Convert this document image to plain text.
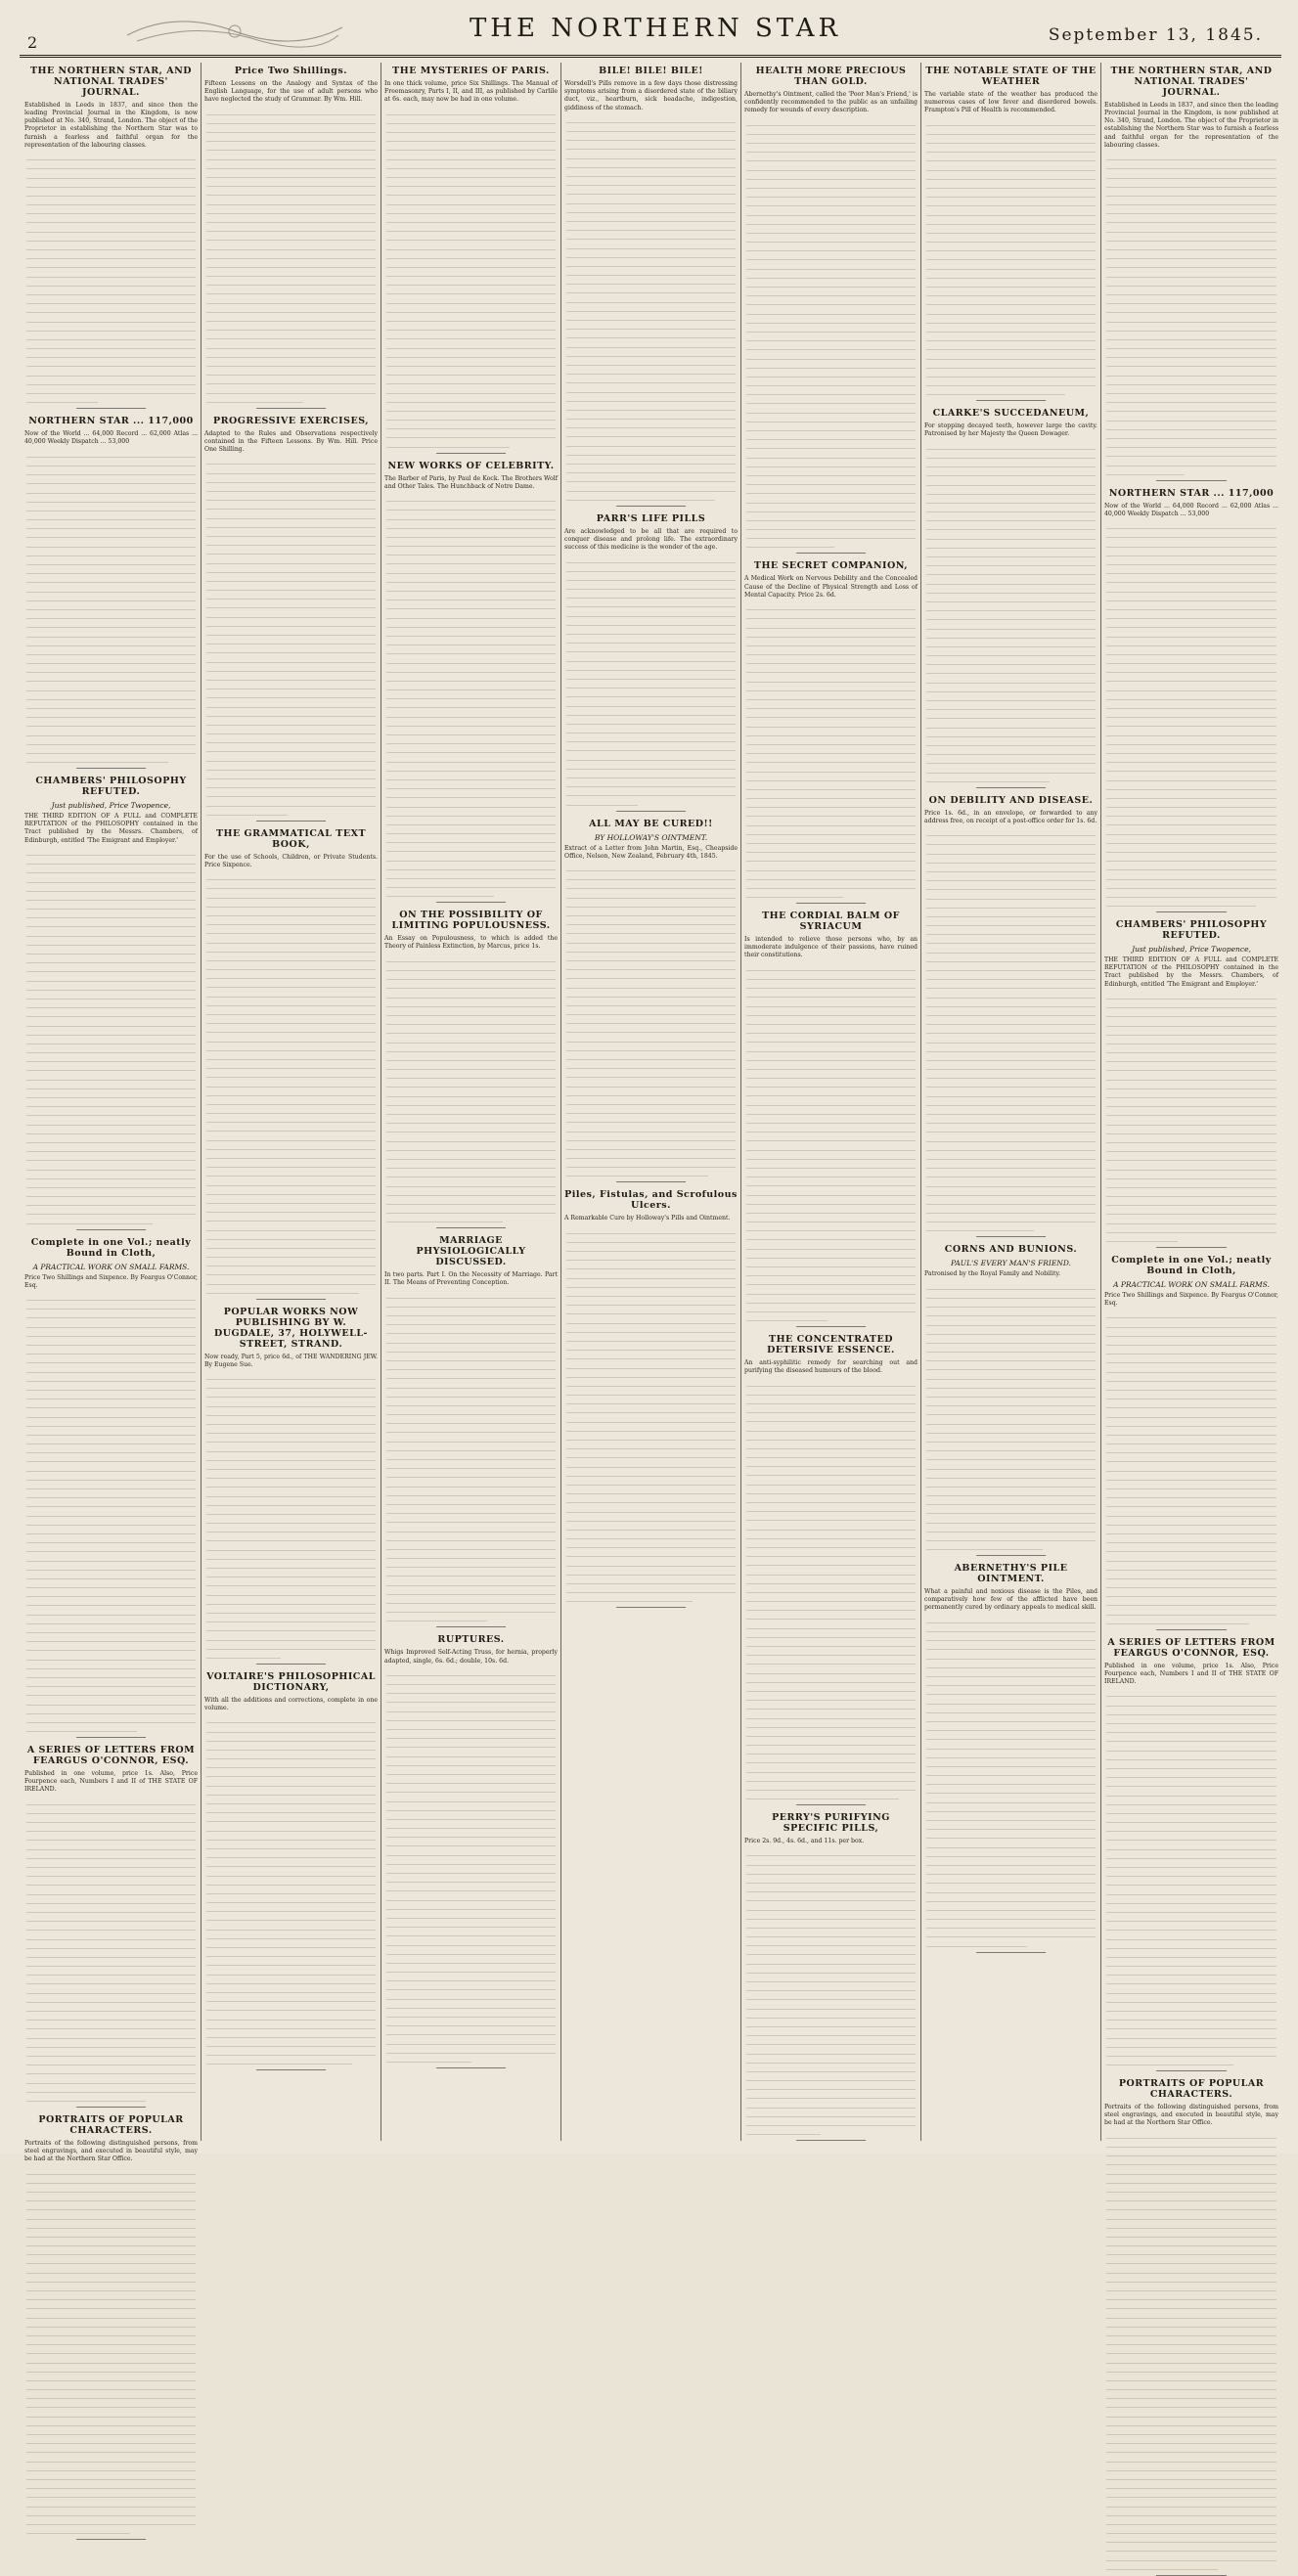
2	THE NORTHERN STAR	September 13, 1845.
THE NORTHERN STAR, AND NATIONAL TRADES' JOURNAL.
Established in Leeds in 1837, and since then the leading Provincial Journal in the Kingdom, is now published at No. 340, Strand, London. The object of the Proprietor in establishing the Northern Star was to furnish a fearless and faithful organ for the representation of the labouring classes.
NORTHERN STAR ... 117,000
Now of the World ... 64,000 Record ... 62,000 Atlas ... 40,000 Weekly Dispatch ... 53,000
CHAMBERS' PHILOSOPHY REFUTED.
Just published, Price Twopence,
THE THIRD EDITION OF A FULL and COMPLETE REFUTATION of the PHILOSOPHY contained in the Tract published by the Messrs. Chambers, of Edinburgh, entitled 'The Emigrant and Employer.'
Complete in one Vol.; neatly Bound in Cloth,
A PRACTICAL WORK ON SMALL FARMS.
Price Two Shillings and Sixpence. By Feargus O'Connor, Esq.
A SERIES OF LETTERS FROM FEARGUS O'CONNOR, ESQ.
Published in one volume, price 1s. Also, Price Fourpence each, Numbers I and II of THE STATE OF IRELAND.
PORTRAITS OF POPULAR CHARACTERS.
Portraits of the following distinguished persons, from steel engravings, and executed in beautiful style, may be had at the Northern Star Office.
Price Two Shillings.
Fifteen Lessons on the Analogy and Syntax of the English Language, for the use of adult persons who have neglected the study of Grammar. By Wm. Hill.
PROGRESSIVE EXERCISES,
Adapted to the Rules and Observations respectively contained in the Fifteen Lessons. By Wm. Hill. Price One Shilling.
THE GRAMMATICAL TEXT BOOK,
For the use of Schools, Children, or Private Students. Price Sixpence.
POPULAR WORKS NOW PUBLISHING BY W. DUGDALE, 37, HOLYWELL-STREET, STRAND.
Now ready, Part 5, price 6d., of THE WANDERING JEW. By Eugene Sue.
VOLTAIRE'S PHILOSOPHICAL DICTIONARY,
With all the additions and corrections, complete in one volume.
THE MYSTERIES OF PARIS.
In one thick volume, price Six Shillings. The Manual of Freemasonry, Parts I, II, and III, as published by Carlile at 6s. each, may now be had in one volume.
NEW WORKS OF CELEBRITY.
The Barber of Paris, by Paul de Kock. The Brothers Wolf and Other Tales. The Hunchback of Notre Dame.
ON THE POSSIBILITY OF LIMITING POPULOUSNESS.
An Essay on Populousness, to which is added the Theory of Painless Extinction, by Marcus, price 1s.
MARRIAGE PHYSIOLOGICALLY DISCUSSED.
In two parts. Part I. On the Necessity of Marriage. Part II. The Means of Preventing Conception.
RUPTURES.
Whigs Improved Self-Acting Truss, for hernia, properly adapted, single, 6s. 6d.; double, 10s. 6d.
BILE! BILE! BILE!
Worsdell's Pills remove in a few days those distressing symptoms arising from a disordered state of the biliary duct, viz., heartburn, sick headache, indigestion, giddiness of the stomach.
PARR'S LIFE PILLS
Are acknowledged to be all that are required to conquer disease and prolong life. The extraordinary success of this medicine is the wonder of the age.
ALL MAY BE CURED!!
BY HOLLOWAY'S OINTMENT.
Extract of a Letter from John Martin, Esq., Cheapside Office, Nelson, New Zealand, February 4th, 1845.
Piles, Fistulas, and Scrofulous Ulcers.
A Remarkable Cure by Holloway's Pills and Ointment.
HEALTH MORE PRECIOUS THAN GOLD.
Abernethy's Ointment, called the 'Poor Man's Friend,' is confidently recommended to the public as an unfailing remedy for wounds of every description.
THE SECRET COMPANION,
A Medical Work on Nervous Debility and the Concealed Cause of the Decline of Physical Strength and Loss of Mental Capacity. Price 2s. 6d.
THE CORDIAL BALM OF SYRIACUM
Is intended to relieve those persons who, by an immoderate indulgence of their passions, have ruined their constitutions.
THE CONCENTRATED DETERSIVE ESSENCE.
An anti-syphilitic remedy for searching out and purifying the diseased humours of the blood.
PERRY'S PURIFYING SPECIFIC PILLS,
Price 2s. 9d., 4s. 6d., and 11s. per box.
THE NOTABLE STATE OF THE WEATHER
The variable state of the weather has produced the numerous cases of low fever and disordered bowels. Frampton's Pill of Health is recommended.
CLARKE'S SUCCEDANEUM,
For stopping decayed teeth, however large the cavity. Patronised by her Majesty the Queen Dowager.
ON DEBILITY AND DISEASE.
Price 1s. 6d., in an envelope, or forwarded to any address free, on receipt of a post-office order for 1s. 6d.
CORNS AND BUNIONS.
PAUL'S EVERY MAN'S FRIEND.
Patronised by the Royal Family and Nobility.
ABERNETHY'S PILE OINTMENT.
What a painful and noxious disease is the Piles, and comparatively how few of the afflicted have been permanently cured by ordinary appeals to medical skill.
THE NORTHERN STAR, AND NATIONAL TRADES' JOURNAL.
Established in Leeds in 1837, and since then the leading Provincial Journal in the Kingdom, is now published at No. 340, Strand, London. The object of the Proprietor in establishing the Northern Star was to furnish a fearless and faithful organ for the representation of the labouring classes.
NORTHERN STAR ... 117,000
Now of the World ... 64,000 Record ... 62,000 Atlas ... 40,000 Weekly Dispatch ... 53,000
CHAMBERS' PHILOSOPHY REFUTED.
Just published, Price Twopence,
THE THIRD EDITION OF A FULL and COMPLETE REFUTATION of the PHILOSOPHY contained in the Tract published by the Messrs. Chambers, of Edinburgh, entitled 'The Emigrant and Employer.'
Complete in one Vol.; neatly Bound in Cloth,
A PRACTICAL WORK ON SMALL FARMS.
Price Two Shillings and Sixpence. By Feargus O'Connor, Esq.
A SERIES OF LETTERS FROM FEARGUS O'CONNOR, ESQ.
Published in one volume, price 1s. Also, Price Fourpence each, Numbers I and II of THE STATE OF IRELAND.
PORTRAITS OF POPULAR CHARACTERS.
Portraits of the following distinguished persons, from steel engravings, and executed in beautiful style, may be had at the Northern Star Office.
